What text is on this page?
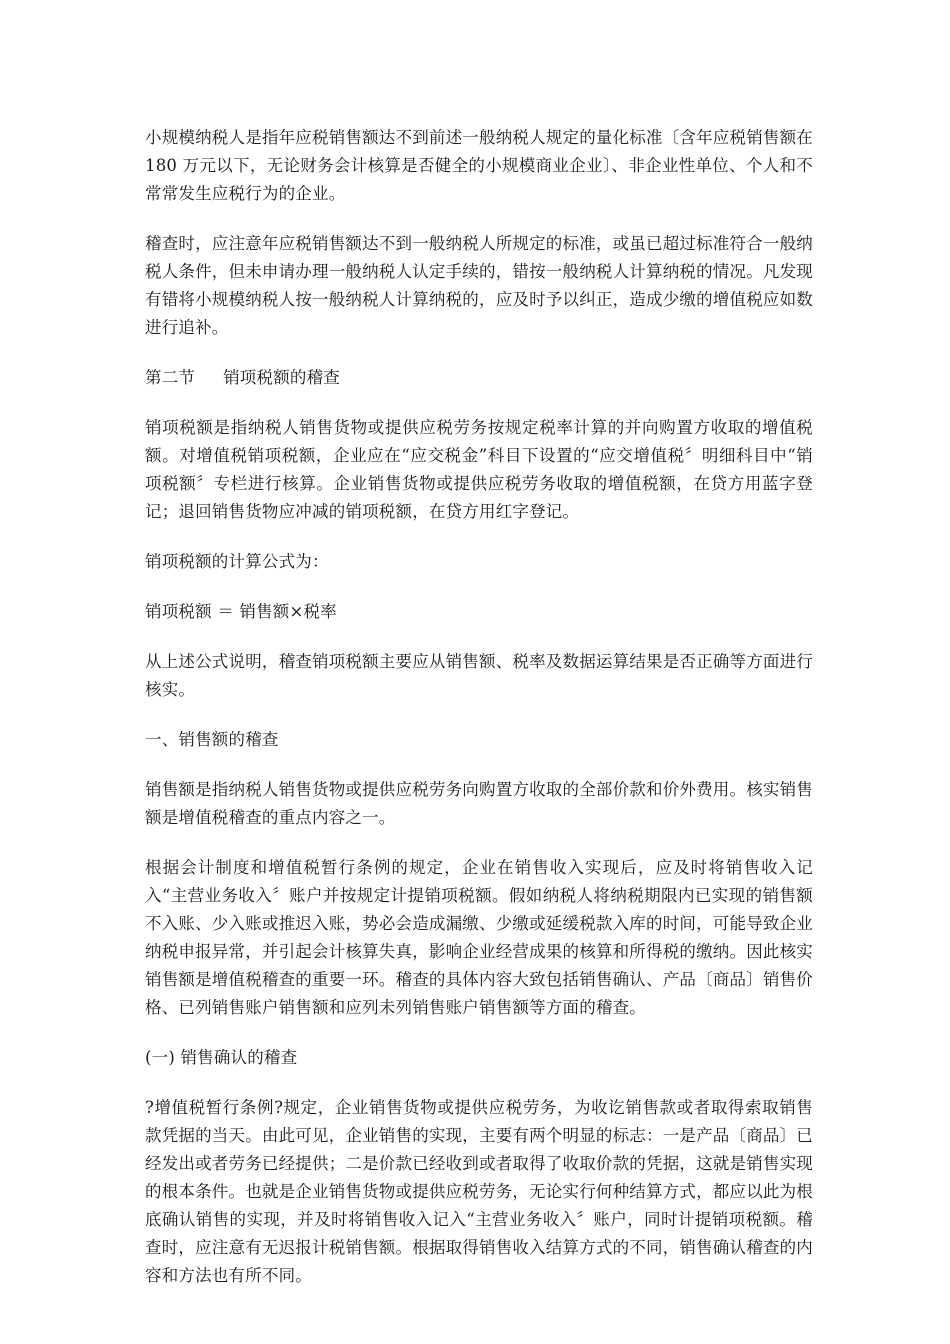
小规模纳税人是指年应税销售额达不到前述一般纳税人规定的量化标准〔含年应税销售额在 180 万元以下，无论财务会计核算是否健全的小规模商业企业〕、非企业性单位、个人和不常常发生应税行为的企业。

稽查时，应注意年应税销售额达不到一般纳税人所规定的标准，或虽已超过标准符合一般纳税人条件，但未申请办理一般纳税人认定手续的，错按一般纳税人计算纳税的情况。凡发现有错将小规模纳税人按一般纳税人计算纳税的，应及时予以纠正，造成少缴的增值税应如数进行追补。

第二节 销项税额的稽查

销项税额是指纳税人销售货物或提供应税劳务按规定税率计算的并向购置方收取的增值税额。对增值税销项税额，企业应在“应交税金”科目下设置的“应交增值税〞明细科目中“销项税额〞专栏进行核算。企业销售货物或提供应税劳务收取的增值税额，在贷方用蓝字登记；退回销售货物应冲减的销项税额，在贷方用红字登记。

销项税额的计算公式为：

销项税额 ＝ 销售额×税率

从上述公式说明，稽查销项税额主要应从销售额、税率及数据运算结果是否正确等方面进行核实。

一、销售额的稽查

销售额是指纳税人销售货物或提供应税劳务向购置方收取的全部价款和价外费用。核实销售额是增值税稽查的重点内容之一。

根据会计制度和增值税暂行条例的规定，企业在销售收入实现后，应及时将销售收入记入“主营业务收入〞账户并按规定计提销项税额。假如纳税人将纳税期限内已实现的销售额不入账、少入账或推迟入账，势必会造成漏缴、少缴或延缓税款入库的时间，可能导致企业纳税申报异常，并引起会计核算失真，影响企业经营成果的核算和所得税的缴纳。因此核实销售额是增值税稽查的重要一环。稽查的具体内容大致包括销售确认、产品〔商品〕销售价格、已列销售账户销售额和应列未列销售账户销售额等方面的稽查。

(一) 销售确认的稽查

?增值税暂行条例?规定，企业销售货物或提供应税劳务，为收讫销售款或者取得索取销售款凭据的当天。由此可见，企业销售的实现，主要有两个明显的标志：一是产品〔商品〕已经发出或者劳务已经提供；二是价款已经收到或者取得了收取价款的凭据，这就是销售实现的根本条件。也就是企业销售货物或提供应税劳务，无论实行何种结算方式，都应以此为根底确认销售的实现，并及时将销售收入记入“主营业务收入〞账户，同时计提销项税额。稽查时，应注意有无迟报计税销售额。根据取得销售收入结算方式的不同，销售确认稽查的内容和方法也有所不同。
